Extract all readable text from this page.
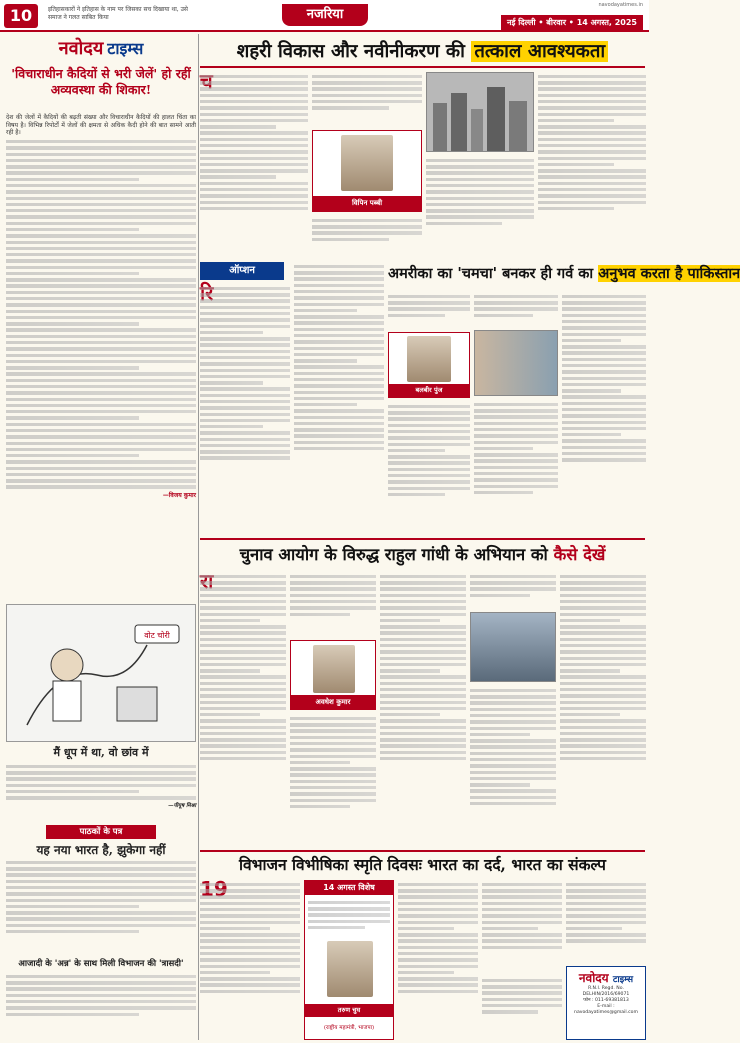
10	इतिहासकारों ने इतिहास के नाम पर जिसका सच दिखाया था, उसे समाज ने गलत साबित किया	नजरिया
navodayatimes.in
नई दिल्ली • बीरवार • 14 अगस्त, 2025
नवोदय टाइम्स
'विचाराधीन कैदियों से भरी जेलें' हो रहीं अव्यवस्था की शिकार!

देश की जेलों में कैदियों की बढ़ती संख्या और विचाराधीन कैदियों की हालत चिंता का विषय है। विभिन्न रिपोर्टों में जेलों की क्षमता से अधिक कैदी होने की बात सामने आती रही है।

—विजय कुमार
वोट चोरी
मैं धूप में था, वो छांव में
—पीयूष मिश्रा
पाठकों के पत्र
यह नया भारत है, झुकेगा नहीं
आजादी के 'अन्न' के साथ मिली विभाजन की 'त्रासदी'
शहरी विकास और नवीनीकरण की तत्काल आवश्यकता
विपिन पब्बी
ऑप्शन	अमरीका का 'चमचा' बनकर ही गर्व का अनुभव करता है पाकिस्तान
बलबीर पुंज
चुनाव आयोग के विरुद्ध राहुल गांधी के अभियान को कैसे देखें
अवधेश कुमार
विभाजन विभीषिका स्मृति दिवसः भारत का दर्द, भारत का संकल्प
14 अगस्त विशेष
तरुण चुघ
(राष्ट्रीय महामंत्री, भाजपा)
नवोदय टाइम्स
R.N.I. Regd. No. DELHIN/2016/69071
फोन : 011-69381813
E-mail : navodayatimes@gmail.com
